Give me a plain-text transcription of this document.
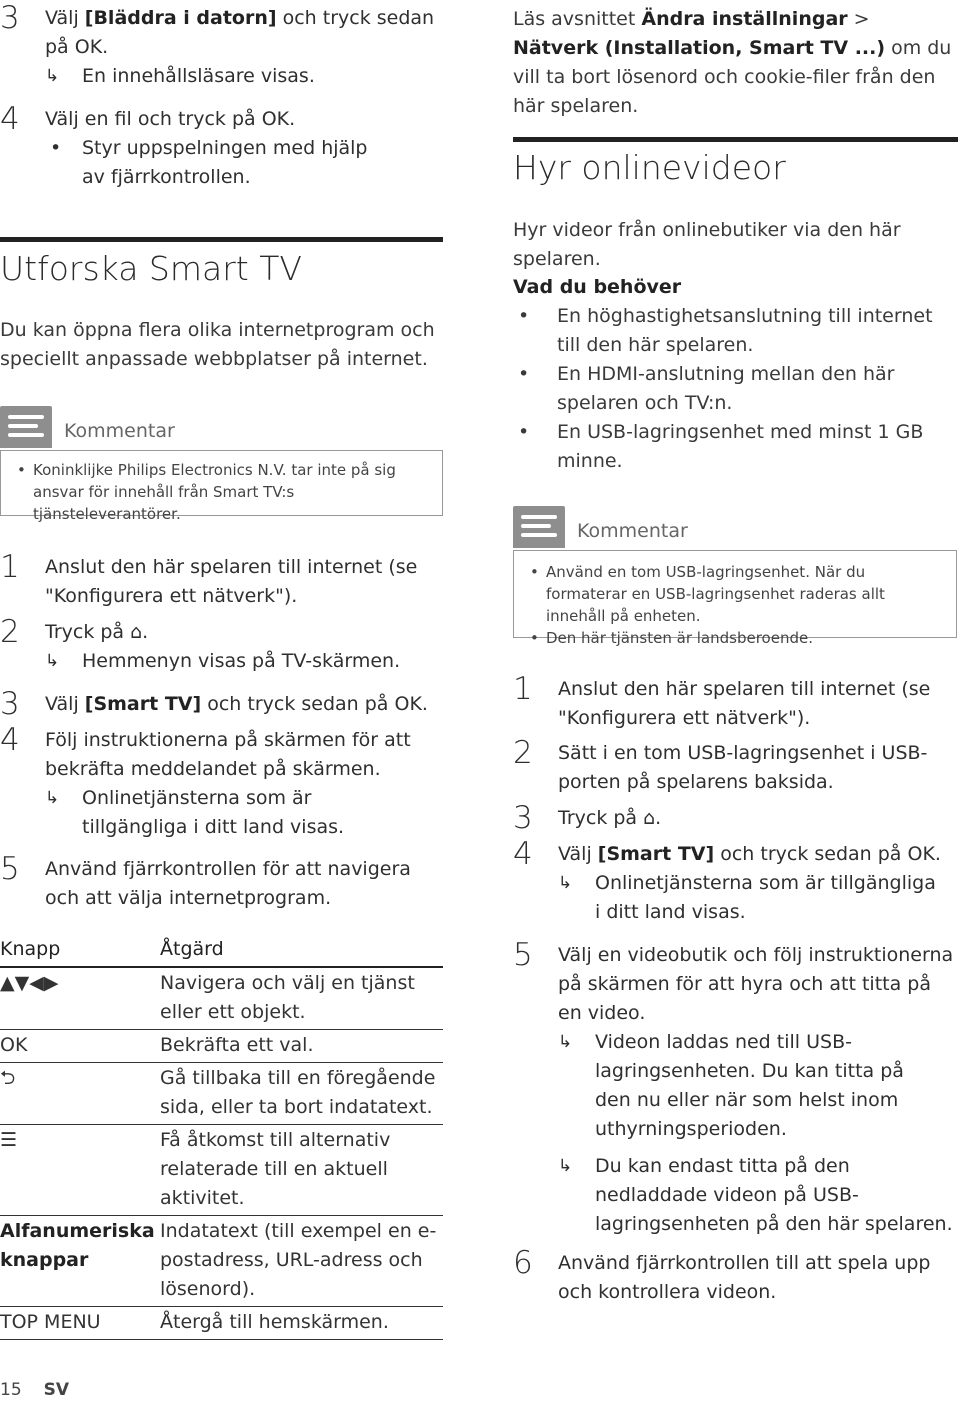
3 Välj [Bläddra i datorn] och tryck sedan på OK.
↳ En innehållsläsare visas.
4 Välj en fil och tryck på OK.
• Styr uppspelningen med hjälp av fjärrkontrollen.
Utforska Smart TV
Du kan öppna flera olika internetprogram och speciellt anpassade webbplatser på internet.
Kommentar
• Koninklijke Philips Electronics N.V. tar inte på sig ansvar för innehåll från Smart TV:s tjänsteleverantörer.
1 Anslut den här spelaren till internet (se "Konfigurera ett nätverk").
2 Tryck på ⌂.
↳ Hemmenyn visas på TV-skärmen.
3 Välj [Smart TV] och tryck sedan på OK.
4 Följ instruktionerna på skärmen för att bekräfta meddelandet på skärmen.
↳ Onlinetjänsterna som är tillgängliga i ditt land visas.
5 Använd fjärrkontrollen för att navigera och att välja internetprogram.
Knapp	Åtgärd
▲▼◀▶	Navigera och välj en tjänst eller ett objekt.
OK	Bekräfta ett val.
⮌	Gå tillbaka till en föregående sida, eller ta bort indatatext.
☰	Få åtkomst till alternativ relaterade till en aktuell aktivitet.
Alfanumeriska knappar	Indatatext (till exempel en e-postadress, URL-adress och lösenord).
TOP MENU	Återgå till hemskärmen.
Läs avsnittet Ändra inställningar > Nätverk (Installation, Smart TV ...) om du vill ta bort lösenord och cookie-filer från den här spelaren.
Hyr onlinevideor
Hyr videor från onlinebutiker via den här spelaren.
Vad du behöver
• En höghastighetsanslutning till internet till den här spelaren.
• En HDMI-anslutning mellan den här spelaren och TV:n.
• En USB-lagringsenhet med minst 1 GB minne.
Kommentar
• Använd en tom USB-lagringsenhet. När du formaterar en USB-lagringsenhet raderas allt innehåll på enheten.
• Den här tjänsten är landsberoende.
1 Anslut den här spelaren till internet (se "Konfigurera ett nätverk").
2 Sätt i en tom USB-lagringsenhet i USB-porten på spelarens baksida.
3 Tryck på ⌂.
4 Välj [Smart TV] och tryck sedan på OK.
↳ Onlinetjänsterna som är tillgängliga i ditt land visas.
5 Välj en videobutik och följ instruktionerna på skärmen för att hyra och att titta på en video.
↳ Videon laddas ned till USB-lagringsenheten. Du kan titta på den nu eller när som helst inom uthyrningsperioden.
↳ Du kan endast titta på den nedladdade videon på USB-lagringsenheten på den här spelaren.
6 Använd fjärrkontrollen till att spela upp och kontrollera videon.
15 SV
